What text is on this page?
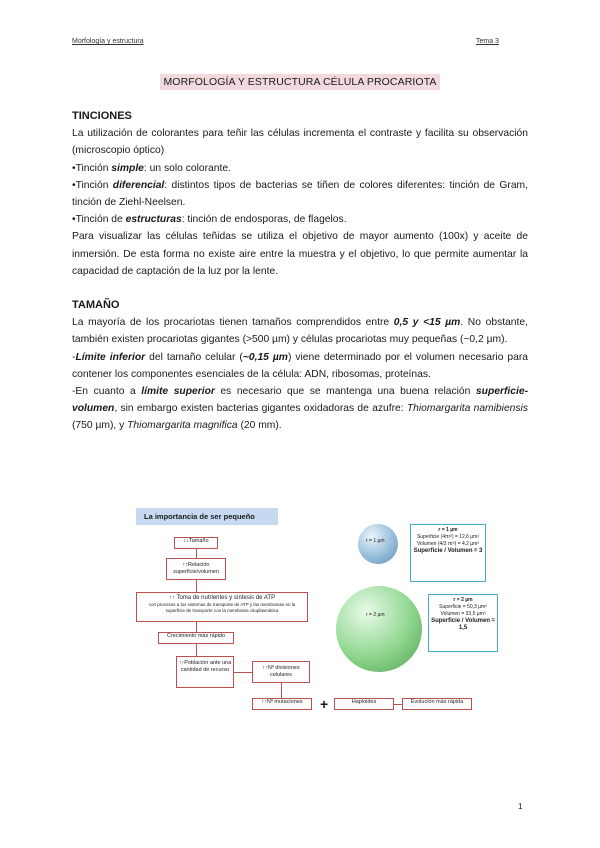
Morfología y estructura	Tema 3
MORFOLOGÍA Y ESTRUCTURA CÉLULA PROCARIOTA

TINCIONES

La utilización de colorantes para teñir las células incrementa el contraste y facilita su observación (microscopio óptico)

•Tinción simple: un solo colorante.

•Tinción diferencial: distintos tipos de bacterias se tiñen de colores diferentes: tinción de Gram, tinción de Ziehl-Neelsen.

•Tinción de estructuras: tinción de endosporas, de flagelos.

Para visualizar las células teñidas se utiliza el objetivo de mayor aumento (100x) y aceite de inmersión. De esta forma no existe aire entre la muestra y el objetivo, lo que permite aumentar la capacidad de captación de la luz por la lente.

TAMAÑO

La mayoría de los procariotas tienen tamaños comprendidos entre 0,5 y <15 µm. No obstante, también existen procariotas gigantes (>500 µm) y células procariotas muy pequeñas (~0,2 µm).

-Límite inferior del tamaño celular (~0,15 µm) viene determinado por el volumen necesario para contener los componentes esenciales de la célula: ADN, ribosomas, proteínas.

-En cuanto a límite superior es necesario que se mantenga una buena relación superficie-volumen, sin embargo existen bacterias gigantes oxidadoras de azufre: Thiomargarita namibiensis (750 µm), y Thiomargarita magnifica (20 mm).

La importancia de ser pequeño
↓↓Tamaño
↑↑Relación superficie/volumen
↑↑ Toma de nutrientes y síntesis de ATP
con procesos a los sistemas de transporte de ATP y las membranas en la superficie de transporte con la membrana citoplasmática
Crecimiento más rápido
↑↑Población ante una cantidad de recurso	↑↑Nº divisiones celulares
↑↑Nº mutaciones	+	Haploides	Evolución más rápida
r = 1 µm
r = 1 µm
Superficie (4πr²) = 12,6 µm²
Volumen (4/3 πr³) = 4,2 µm³
Superficie / Volumen = 3
r = 2 µm
r = 2 µm
Superficie = 50,3 µm²
Volumen = 33,5 µm³
Superficie / Volumen = 1,5
1
